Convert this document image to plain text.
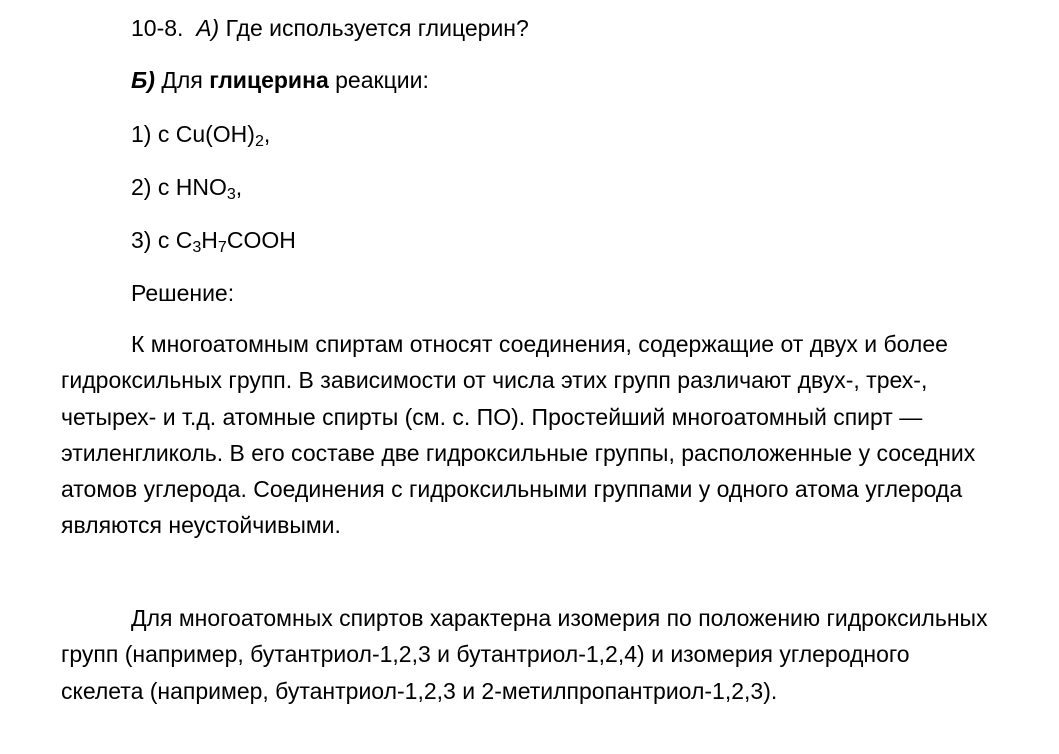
10-8. А) Где используется глицерин?
Б) Для глицерина реакции:
1) с Cu(OH)2,
2) с HNO3,
3) с C3H7COOH
Решение:

К многоатомным спиртам относят соединения, содержащие от двух и более гидроксильных групп. В зависимости от числа этих групп различают двух-, трех-, четырех- и т.д. атомные спирты (см. с. ПО). Простейший многоатомный спирт — этиленгликоль. В его составе две гидроксильные группы, расположенные у соседних атомов углерода. Соединения с гидроксильными группами у одного атома углерода являются неустойчивыми.

Для многоатомных спиртов характерна изомерия по положению гидроксильных групп (например, бутантриол-1,2,3 и бутантриол-1,2,4) и изомерия углеродного скелета (например, бутантриол-1,2,3 и 2-метилпропантриол-1,2,3).
